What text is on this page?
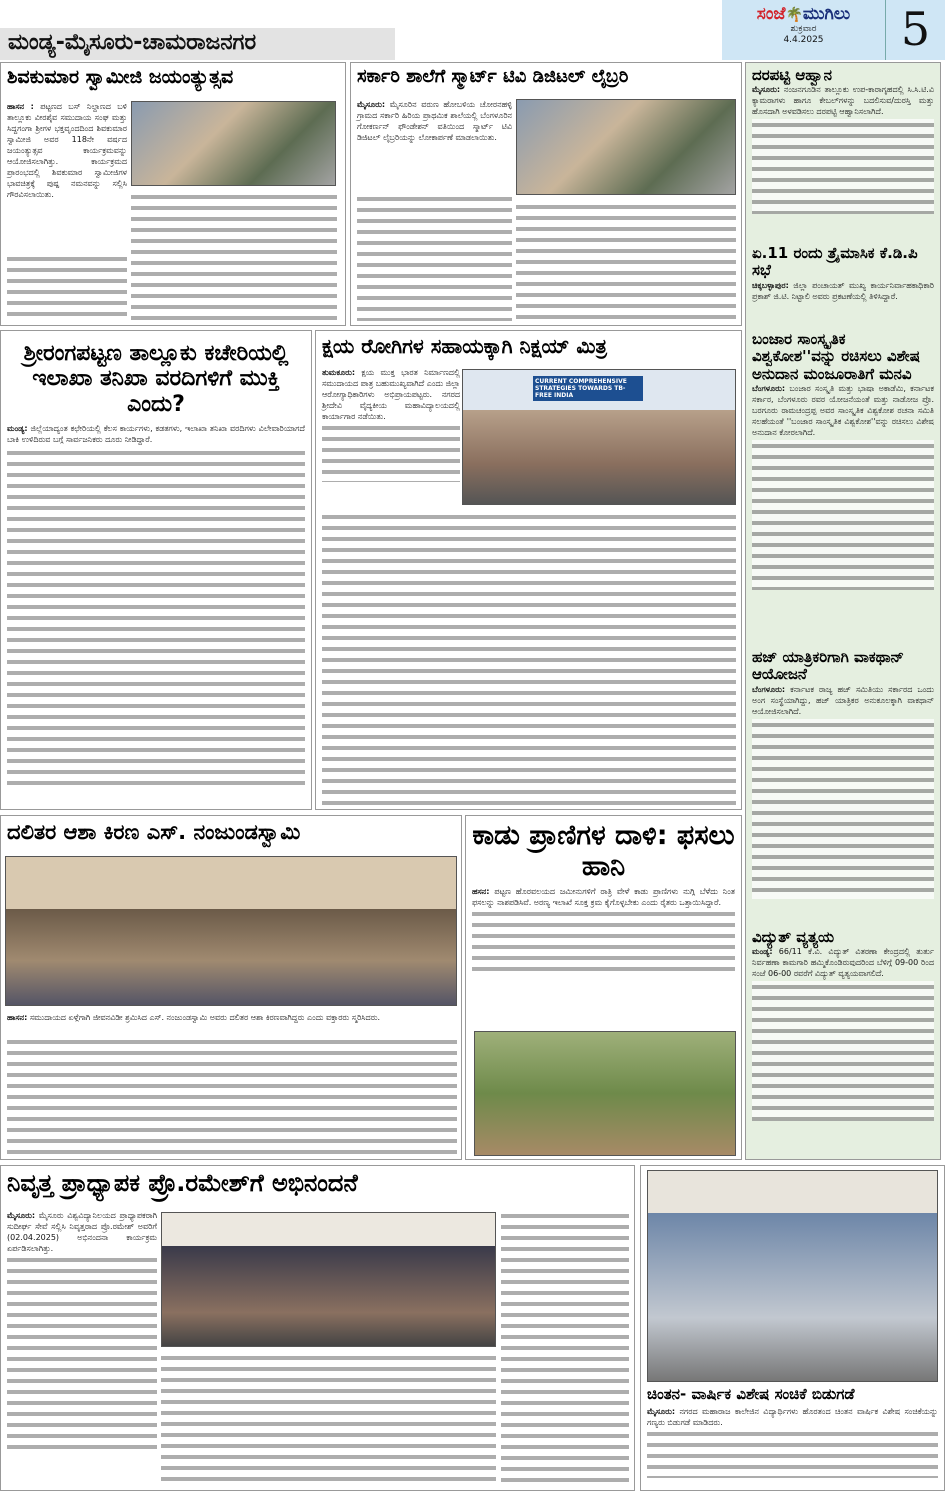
ಮಂಡ್ಯ-ಮೈಸೂರು-ಚಾಮರಾಜನಗರ
ಸಂಜೆ🌴ಮುಗಿಲು
ಶುಕ್ರವಾರ
4.4.2025	5
ಶಿವಕುಮಾರ ಸ್ವಾಮೀಜಿ ಜಯಂತ್ಯುತ್ಸವ

ಹಾಸನ : ಪಟ್ಟಣದ ಬಸ್ ನಿಲ್ದಾಣದ ಬಳಿ ತಾಲ್ಲೂಕು ವೀರಶೈವ ಸಮುದಾಯ ಸಂಘ ಮತ್ತು ಸಿದ್ದಗಂಗಾ ಶ್ರೀಗಳ ಭಕ್ತವೃಂದದಿಂದ ಶಿವಕುಮಾರ ಸ್ವಾಮೀಜಿ ಅವರ 118ನೇ ವರ್ಷದ ಜಯಂತ್ಯುತ್ಸವ ಕಾರ್ಯಕ್ರಮವನ್ನು ಆಯೋಜಿಸಲಾಗಿತ್ತು. ಕಾರ್ಯಕ್ರಮದ ಪ್ರಾರಂಭದಲ್ಲಿ ಶಿವಕುಮಾರ ಸ್ವಾಮೀಜಿಗಳ ಭಾವಚಿತ್ರಕ್ಕೆ ಪುಷ್ಪ ನಮನವನ್ನು ಸಲ್ಲಿಸಿ ಗೌರವಿಸಲಾಯಿತು.

ಸರ್ಕಾರಿ ಶಾಲೆಗೆ ಸ್ಮಾರ್ಟ್ ಟಿವಿ ಡಿಜಿಟಲ್ ಲೈಬ್ರರಿ

ಮೈಸೂರು: ಮೈಸೂರಿನ ವರುಣ ಹೋಬಳಿಯ ಚೋರನಹಳ್ಳಿ ಗ್ರಾಮದ ಸರ್ಕಾರಿ ಹಿರಿಯ ಪ್ರಾಥಮಿಕ ಶಾಲೆಯಲ್ಲಿ ಬೆಂಗಳೂರಿನ ಗೋಕರ್ಣನ್ ಫೌಂಡೇಶನ್ ವತಿಯಿಂದ ಸ್ಮಾರ್ಟ್ ಟಿವಿ ಡಿಜಿಟಲ್ ಲೈಬ್ರರಿಯನ್ನು ಲೋಕಾರ್ಪಣೆ ಮಾಡಲಾಯಿತು.

ದರಪಟ್ಟಿ ಆಹ್ವಾನ

ಮೈಸೂರು: ನಂಜನಗೂಡಿನ ತಾಲ್ಲೂಕು ಉಪ-ಕಾರಾಗೃಹದಲ್ಲಿ ಸಿ.ಸಿ.ಟಿ.ವಿ ಕ್ಯಾಮರಾಗಳು ಹಾಗೂ ಕೇಬಲ್‌ಗಳನ್ನು ಬದಲಿಸುವ/ದುರಸ್ತಿ ಮತ್ತು ಹೊಸದಾಗಿ ಅಳವಡಿಸಲು ದರಪಟ್ಟಿ ಆಹ್ವಾನಿಸಲಾಗಿದೆ.

ಏ.11 ರಂದು ತ್ರೈಮಾಸಿಕ ಕೆ.ಡಿ.ಪಿ ಸಭೆ

ಚಿಕ್ಕಬಳ್ಳಾಪುರ: ಜಿಲ್ಲಾ ಪಂಚಾಯತ್ ಮುಖ್ಯ ಕಾರ್ಯನಿರ್ವಾಹಕಾಧಿಕಾರಿ ಪ್ರಕಾಶ್ ಜಿ.ಟಿ. ನಿಟ್ಟಾಲಿ ಅವರು ಪ್ರಕಟಣೆಯಲ್ಲಿ ತಿಳಿಸಿದ್ದಾರೆ.

ಬಂಜಾರ ಸಾಂಸ್ಕೃತಿಕ ವಿಶ್ವಕೋಶ''ವನ್ನು ರಚಿಸಲು ವಿಶೇಷ ಅನುದಾನ ಮಂಜೂರಾತಿಗೆ ಮನವಿ

ಬೆಂಗಳೂರು: ಬಂಜಾರ ಸಂಸ್ಕೃತಿ ಮತ್ತು ಭಾಷಾ ಅಕಾಡೆಮಿ, ಕರ್ನಾಟಕ ಸರ್ಕಾರ, ಬೆಂಗಳೂರು ರವರ ಯೋಜನೆಯಂತೆ ಮತ್ತು ನಾಡೋಜ ಪ್ರೊ. ಬರಗೂರು ರಾಮಚಂದ್ರಪ್ಪ ಅವರ ಸಾಂಸ್ಕೃತಿಕ ವಿಶ್ವಕೋಶ ರಚನಾ ಸಮಿತಿ ಸಲಹೆಯಂತೆ ''ಬಂಜಾರ ಸಾಂಸ್ಕೃತಿಕ ವಿಶ್ವಕೋಶ''ವನ್ನು ರಚಿಸಲು ವಿಶೇಷ ಅನುದಾನ ಕೋರಲಾಗಿದೆ.

ಹಜ್ ಯಾತ್ರಿಕರಿಗಾಗಿ ವಾಕಥಾನ್ ಆಯೋಜನೆ

ಬೆಂಗಳೂರು: ಕರ್ನಾಟಕ ರಾಜ್ಯ ಹಜ್ ಸಮಿತಿಯು ಸರ್ಕಾರದ ಒಂದು ಅಂಗ ಸಂಸ್ಥೆಯಾಗಿದ್ದು, ಹಜ್ ಯಾತ್ರಿಕರ ಅನುಕೂಲಕ್ಕಾಗಿ ವಾಕಥಾನ್ ಆಯೋಜಿಸಲಾಗಿದೆ.

ವಿದ್ಯುತ್ ವ್ಯತ್ಯಯ

ಮಂಡ್ಯ: 66/11 ಕೆ.ವಿ. ವಿದ್ಯುತ್ ವಿತರಣಾ ಕೇಂದ್ರದಲ್ಲಿ ತುರ್ತು ನಿರ್ವಹಣಾ ಕಾಮಗಾರಿ ಹಮ್ಮಿಕೊಂಡಿರುವುದರಿಂದ ಬೆಳಿಗ್ಗೆ 09-00 ರಿಂದ ಸಂಜೆ 06-00 ರವರೆಗೆ ವಿದ್ಯುತ್ ವ್ಯತ್ಯಯವಾಗಲಿದೆ.

ಶ್ರೀರಂಗಪಟ್ಟಣ ತಾಲ್ಲೂಕು ಕಚೇರಿಯಲ್ಲಿ ಇಲಾಖಾ ತನಿಖಾ ವರದಿಗಳಿಗೆ ಮುಕ್ತಿ ಎಂದು?

ಮಂಡ್ಯ: ಜಿಲ್ಲೆಯಾದ್ಯಂತ ಕಛೇರಿಯಲ್ಲಿ ಕೆಲಸ ಕಾರ್ಯಗಳು, ಕಡತಗಳು, ಇಲಾಖಾ ತನಿಖಾ ವರದಿಗಳು ವಿಲೇವಾರಿಯಾಗದೆ ಬಾಕಿ ಉಳಿದಿರುವ ಬಗ್ಗೆ ಸಾರ್ವಜನಿಕರು ದೂರು ನೀಡಿದ್ದಾರೆ.

ಕ್ಷಯ ರೋಗಿಗಳ ಸಹಾಯಕ್ಕಾಗಿ ನಿಕ್ಷಯ್ ಮಿತ್ರ

ತುಮಕೂರು: ಕ್ಷಯ ಮುಕ್ತ ಭಾರತ ನಿರ್ಮಾಣದಲ್ಲಿ ಸಮುದಾಯದ ಪಾತ್ರ ಬಹುಮುಖ್ಯವಾಗಿದೆ ಎಂದು ಜಿಲ್ಲಾ ಆರೋಗ್ಯಾಧಿಕಾರಿಗಳು ಅಭಿಪ್ರಾಯಪಟ್ಟರು. ನಗರದ ಶ್ರೀದೇವಿ ವೈದ್ಯಕೀಯ ಮಹಾವಿದ್ಯಾಲಯದಲ್ಲಿ ಕಾರ್ಯಾಗಾರ ನಡೆಯಿತು.

CURRENT COMPREHENSIVE STRATEGIES TOWARDS TB-FREE INDIA
ದಲಿತರ ಆಶಾ ಕಿರಣ ಎಸ್. ನಂಜುಂಡಸ್ವಾಮಿ

ಹಾಸನ: ಸಮುದಾಯದ ಏಳ್ಗೆಗಾಗಿ ಜೀವನವಿಡೀ ಶ್ರಮಿಸಿದ ಎಸ್. ನಂಜುಂಡಸ್ವಾಮಿ ಅವರು ದಲಿತರ ಆಶಾ ಕಿರಣವಾಗಿದ್ದರು ಎಂದು ವಕ್ತಾರರು ಸ್ಮರಿಸಿದರು.

ಕಾಡು ಪ್ರಾಣಿಗಳ ದಾಳಿ: ಫಸಲು ಹಾನಿ

ಹಸನ: ಪಟ್ಟಣ ಹೊರವಲಯದ ಜಮೀನುಗಳಿಗೆ ರಾತ್ರಿ ವೇಳೆ ಕಾಡು ಪ್ರಾಣಿಗಳು ನುಗ್ಗಿ ಬೆಳೆದು ನಿಂತ ಫಸಲನ್ನು ನಾಶಪಡಿಸಿವೆ. ಅರಣ್ಯ ಇಲಾಖೆ ಸೂಕ್ತ ಕ್ರಮ ಕೈಗೊಳ್ಳಬೇಕು ಎಂದು ರೈತರು ಒತ್ತಾಯಿಸಿದ್ದಾರೆ.

ನಿವೃತ್ತ ಪ್ರಾಧ್ಯಾಪಕ ಪ್ರೊ.ರಮೇಶ್‌ಗೆ ಅಭಿನಂದನೆ

ಮೈಸೂರು: ಮೈಸೂರು ವಿಶ್ವವಿದ್ಯಾನಿಲಯದ ಪ್ರಾಧ್ಯಾಪಕರಾಗಿ ಸುದೀರ್ಘ ಸೇವೆ ಸಲ್ಲಿಸಿ ನಿವೃತ್ತರಾದ ಪ್ರೊ.ರಮೇಶ್ ಅವರಿಗೆ (02.04.2025) ಅಭಿನಂದನಾ ಕಾರ್ಯಕ್ರಮ ಏರ್ಪಡಿಸಲಾಗಿತ್ತು.

ಚಿಂತನ- ವಾರ್ಷಿಕ ವಿಶೇಷ ಸಂಚಿಕೆ ಬಿಡುಗಡೆ

ಮೈಸೂರು: ನಗರದ ಮಹಾರಾಜ ಕಾಲೇಜಿನ ವಿದ್ಯಾರ್ಥಿಗಳು ಹೊರತಂದ ಚಿಂತನ ವಾರ್ಷಿಕ ವಿಶೇಷ ಸಂಚಿಕೆಯನ್ನು ಗಣ್ಯರು ಬಿಡುಗಡೆ ಮಾಡಿದರು.
